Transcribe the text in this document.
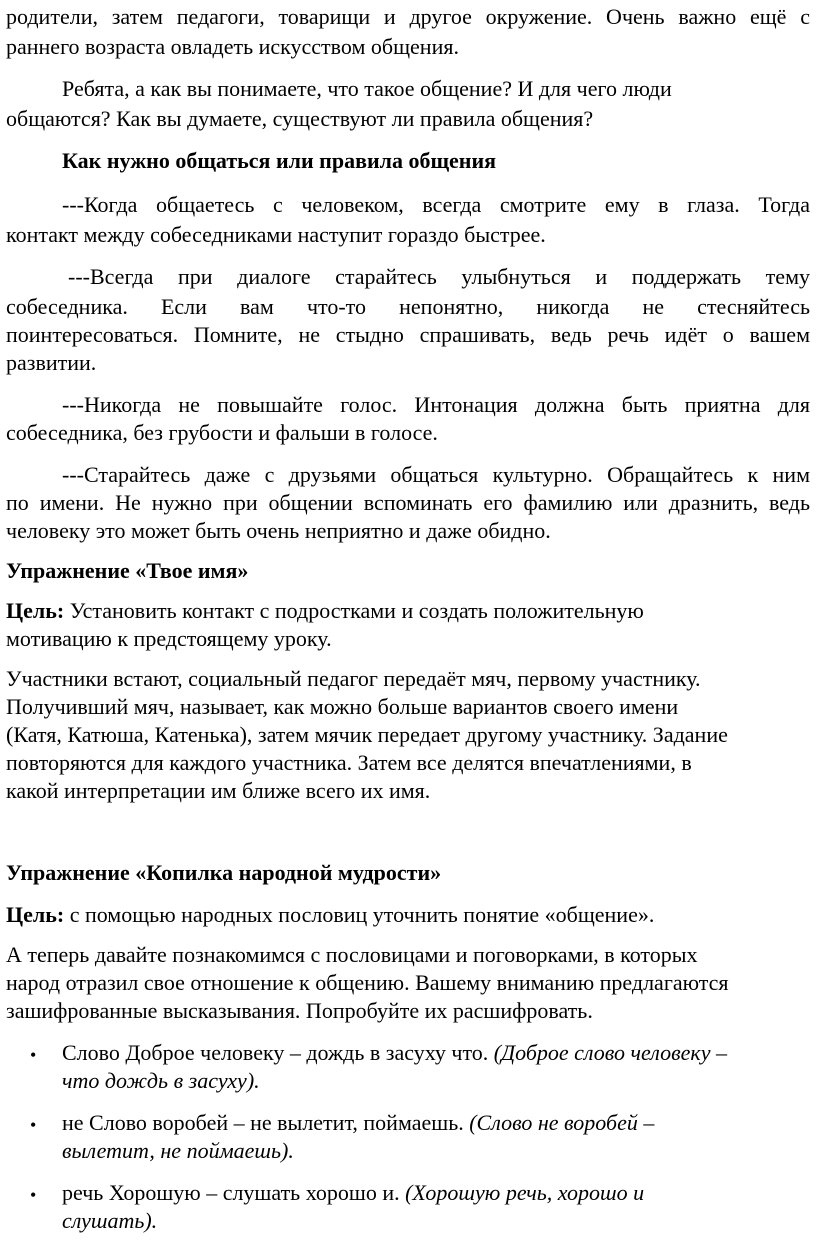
родители, затем педагоги, товарищи и другое окружение. Очень важно ещё с
раннего возраста овладеть искусством общения.
Ребята, а как вы понимаете, что такое общение? И для чего люди
общаются? Как вы думаете, существуют ли правила общения?
Как нужно общаться или правила общения
---Когда общаетесь с человеком, всегда смотрите ему в глаза. Тогда
контакт между собеседниками наступит гораздо быстрее.
---Всегда при диалоге старайтесь улыбнуться и поддержать тему
собеседника. Если вам что-то непонятно, никогда не стесняйтесь
поинтересоваться. Помните, не стыдно спрашивать, ведь речь идёт о вашем
развитии.
---Никогда не повышайте голос. Интонация должна быть приятна для
собеседника, без грубости и фальши в голосе.
---Старайтесь даже с друзьями общаться культурно. Обращайтесь к ним
по имени. Не нужно при общении вспоминать его фамилию или дразнить, ведь
человеку это может быть очень неприятно и даже обидно.
Упражнение «Твое имя»
Цель: Установить контакт с подростками и создать положительную
мотивацию к предстоящему уроку.
Участники встают, социальный педагог передаёт мяч, первому участнику.
Получивший мяч, называет, как можно больше вариантов своего имени
(Катя, Катюша, Катенька), затем мячик передает другому участнику. Задание
повторяются для каждого участника. Затем все делятся впечатлениями, в
какой интерпретации им ближе всего их имя.
Упражнение «Копилка народной мудрости»
Цель: с помощью народных пословиц уточнить понятие «общение».
А теперь давайте познакомимся с пословицами и поговорками, в которых
народ отразил свое отношение к общению. Вашему вниманию предлагаются
зашифрованные высказывания. Попробуйте их расшифровать.
• Слово Доброе человеку – дождь в засуху что. (Доброе слово человеку –
что дождь в засуху).
• не Слово воробей – не вылетит, поймаешь. (Слово не воробей –
вылетит, не поймаешь).
• речь Хорошую – слушать хорошо и. (Хорошую речь, хорошо и
слушать).
